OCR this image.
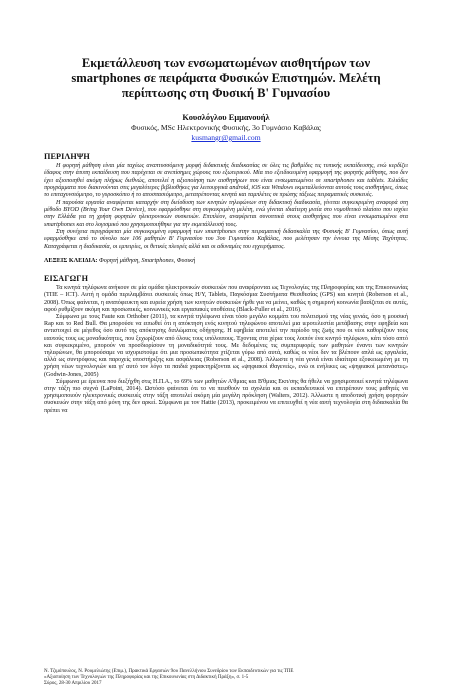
Εκμετάλλευση των ενσωματωμένων αισθητήρων των
smartphones σε πειράματα Φυσικών Επιστημών. Μελέτη
περίπτωσης στη Φυσική Β' Γυμνασίου
Κουσλόγλου Εμμανουήλ
Φυσικός, MSc Ηλεκτρονικής Φυσικής, 3ο Γυμνάσιο Καβάλας
kusmangr@gmail.com
ΠΕΡΙΛΗΨΗ

Η φορητή μάθηση είναι μία ταχέως αναπτυσσόμενη μορφή διδακτικής διαδικασίας σε όλες τις βαθμίδες τις τυπικής εκπαίδευσης, ενώ κερδίζει έδαφος στην άτυπη εκπαίδευση που παρέχεται σε ανεπίσημες χώρους του εξωτερικού. Μία πιο εξειδικευμένη εφαρμογή της φορητής μάθησης, που δεν έχει αξιοποιηθεί ακόμη πλήρως διεθνώς, αποτελεί η αξιοποίηση των αισθητήρων που είναι ενσωματωμένοι σε smartphones και tablets. Χιλιάδες προγράμματα που διακινούνται στις μεγαλύτερες βιβλιοθήκες για λειτουργικά android, iOS και Windows εκμεταλλεύονται αυτούς τους αισθητήρες, όπως το επιταχυνσιόμετρο, το γυροσκόπιο ή το αποσπασιόμετρο, μετατρέποντας κινητά και ταμπλέτες σε πρώτης τάξεως πειραματικές συσκευές.

Η παρούσα εργασία αναφέρεται καταρχήν στη διείσδυση των κινητών τηλεφώνων στη διδακτική διαδικασία, γίνεται συγκεκριμένη αναφορά στη μέθοδο BYOD (Bring Your Own Device), που εφαρμόσθηκε στη συγκεκριμένη μελέτη, ενώ γίνεται ιδιαίτερη μνεία στο νομοθετικό πλαίσιο που ισχύει στην Ελλάδα για τη χρήση φορητών ηλεκτρονικών συσκευών. Επιπλέον, αναφέρεται συνοπτικά στους αισθητήρες που είναι ενσωματωμένοι στα smartphones και στο λογισμικό που χρησιμοποιήθηκε για την εκμετάλλευσή τους.

Στη συνέχεια περιγράφεται μία συγκεκριμένη εφαρμογή των smartphones στην πειραματική διδασκαλία της Φυσικής Β' Γυμνασίου, όπως αυτή εφαρμόσθηκε από το σύνολο των 106 μαθητών Β' Γυμνασίου του 3ου Γυμνασίου Καβάλας, που μελέτησαν την έννοια της Μέσης Ταχύτητας. Καταγράφεται η διαδικασία, οι εμπειρίες, οι θετικές πλευρές αλλά και οι αδυναμίες του εγχειρήματος.

ΛΕΞΕΙΣ ΚΛΕΙΔΙΑ: Φορητή μάθηση, Smartphones, Φυσική
ΕΙΣΑΓΩΓΗ

Τα κινητά τηλέφωνα ανήκουν σε μία ομάδα ηλεκτρονικών συσκευών που αναφέρονται ως Τεχνολογίες της Πληροφορίας και της Επικοινωνίας (ΤΠΕ – ICT). Αυτή η ομάδα περιλαμβάνει συσκευές όπως Η/Υ, Tablets, Παγκόσμια Συστήματα Θεσιθεσίας (GPS) και κινητά (Roberson et al., 2008). Όπως φαίνεται, η αναπόφευκτη και ευρεία χρήση των κινητών συσκευών ήρθε για να μείνει, καθώς η σημερινή κοινωνία βασίζεται σε αυτές, αφού ρυθμίζουν ακόμη και προσωπικές, κοινωνικές και εργασιακές υποθέσεις (Black-Fuller et al., 2016).

Σύμφωνα με τους Faute και Orthober (2011), τα κινητά τηλέφωνα είναι τόσο μεγάλο κομμάτι του πολιτισμού της νέας γενιάς, όσο η μουσική Rap και το Red Bull. Θα μπορούσε να ειπωθεί ότι η απόκτηση ενός κινητού τηλεφώνου αποτελεί μια ιεροτελεστία μετάβασης στην εφηβεία και αντιστοιχεί σε μέγεθος όσο αυτό της απόκτησης διπλώματος οδήγησης. Η εφηβεία αποτελεί την περίοδο της ζωής που οι νέοι καθορίζουν τους εαυτούς τους ως μοναδικότητες, που ξεχωρίζουν από όλους τους υπόλοιπους. Έχοντας στα χέρια τους λοιπόν ένα κινητό τηλέφωνο, κάτι τόσο απτό και συγκεκριμένο, μπορούν να προσδιορίσουν τη μοναδικότητά τους. Με δεδομένες τις συμπεριφορές των μαθητών έναντι των κινητών τηλεφώνων, θα μπορούσαμε να ισχυριστούμε ότι μια προσωπικότητα χτίζεται γύρω από αυτά, καθώς οι νέοι δεν τα βλέπουν απλά ως εργαλεία, αλλά ως συντρόφους και παροχείς υποστήριξης και ασφάλειας (Roberson et al., 2008). Άλλωστε η νέα γενιά είναι ιδιαίτερα εξοικειωμένη με τη χρήση νέων τεχνολογιών και γι' αυτό τον λόγο τα παιδιά χαρακτηρίζονται ως «ψηφιακοί ιθαγενείς», ενώ οι ενήλικες ως «ψηφιακοί μετανάστες» (Godwin-Jones, 2005)

Σύμφωνα με έρευνα που διεξήχθη στις Η.Π.Α., το 69% των μαθητών Α'θμιας και Β'θμιας Εκπ/σης θα ήθελε να χρησιμοποιεί κινητά τηλέφωνα στην τάξη πιο συχνά (LaPoint, 2014). Ωστόσο φαίνεται ότι το να πεισθούν τα σχολεία και οι εκπαιδευτικοί να επιτρέπουν τους μαθητές να χρησιμοποιούν ηλεκτρονικές συσκευές στην τάξη αποτελεί ακόμη μία μεγάλη πρόκληση (Walters, 2012). Άλλωστε η αποδοτική χρήση φορητών συσκευών στην τάξη από μόνη της δεν αρκεί. Σύμφωνα με τον Hattie (2013), προκειμένου να επιτευχθεί η νέα αυτή τεχνολογία στη διδασκαλία θα πρέπει να

Ν. Τζιμόπουλος, Ν. Ρουμελιώτης (Επιμ.), Πρακτικά Εργασιών 9ου Πανελλήνιου Συνεδρίου των Εκπαιδευτικών για τις ΤΠΕ
«Αξιοποίηση των Τεχνολογιών της Πληροφορίας και της Επικοινωνίας στη Διδακτική Πράξη», σ. 1-5
Σύρος, 28-30 Απριλίου 2017
